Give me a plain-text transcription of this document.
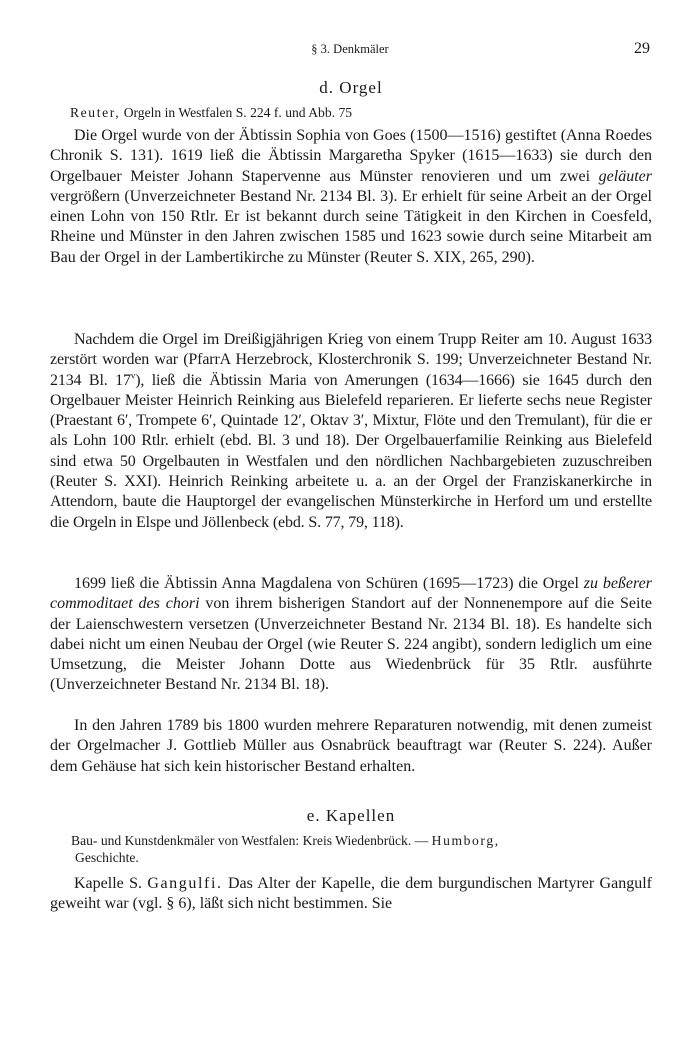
§ 3. Denkmäler	29
d. Orgel

Reuter, Orgeln in Westfalen S. 224 f. und Abb. 75

Die Orgel wurde von der Äbtissin Sophia von Goes (1500—1516) gestiftet (Anna Roedes Chronik S. 131). 1619 ließ die Äbtissin Margaretha Spyker (1615—1633) sie durch den Orgelbauer Meister Johann Stapervenne aus Münster renovieren und um zwei geläuter vergrößern (Unverzeichneter Bestand Nr. 2134 Bl. 3). Er erhielt für seine Arbeit an der Orgel einen Lohn von 150 Rtlr. Er ist bekannt durch seine Tätigkeit in den Kirchen in Coesfeld, Rheine und Münster in den Jahren zwischen 1585 und 1623 sowie durch seine Mitarbeit am Bau der Orgel in der Lambertikirche zu Münster (Reuter S. XIX, 265, 290).

Nachdem die Orgel im Dreißigjährigen Krieg von einem Trupp Reiter am 10. August 1633 zerstört worden war (PfarrA Herzebrock, Klosterchronik S. 199; Unverzeichneter Bestand Nr. 2134 Bl. 17$^v$), ließ die Äbtissin Maria von Amerungen (1634—1666) sie 1645 durch den Orgelbauer Meister Heinrich Reinking aus Bielefeld reparieren. Er lieferte sechs neue Register (Praestant 6′, Trompete 6′, Quintade 12′, Oktav 3′, Mixtur, Flöte und den Tremulant), für die er als Lohn 100 Rtlr. erhielt (ebd. Bl. 3 und 18). Der Orgelbauerfamilie Reinking aus Bielefeld sind etwa 50 Orgelbauten in Westfalen und den nördlichen Nachbargebieten zuzuschreiben (Reuter S. XXI). Heinrich Reinking arbeitete u. a. an der Orgel der Franziskanerkirche in Attendorn, baute die Hauptorgel der evangelischen Münsterkirche in Herford um und erstellte die Orgeln in Elspe und Jöllenbeck (ebd. S. 77, 79, 118).

1699 ließ die Äbtissin Anna Magdalena von Schüren (1695—1723) die Orgel zu beßerer commoditaet des chori von ihrem bisherigen Standort auf der Nonnenempore auf die Seite der Laienschwestern versetzen (Unverzeichneter Bestand Nr. 2134 Bl. 18). Es handelte sich dabei nicht um einen Neubau der Orgel (wie Reuter S. 224 angibt), sondern lediglich um eine Umsetzung, die Meister Johann Dotte aus Wiedenbrück für 35 Rtlr. ausführte (Unverzeichneter Bestand Nr. 2134 Bl. 18).

In den Jahren 1789 bis 1800 wurden mehrere Reparaturen notwendig, mit denen zumeist der Orgelmacher J. Gottlieb Müller aus Osnabrück beauftragt war (Reuter S. 224). Außer dem Gehäuse hat sich kein historischer Bestand erhalten.

e. Kapellen

Bau- und Kunstdenkmäler von Westfalen: Kreis Wiedenbrück. — Humborg,
Geschichte.

Kapelle S. Gangulfi. Das Alter der Kapelle, die dem burgundischen Martyrer Gangulf geweiht war (vgl. § 6), läßt sich nicht bestimmen. Sie
